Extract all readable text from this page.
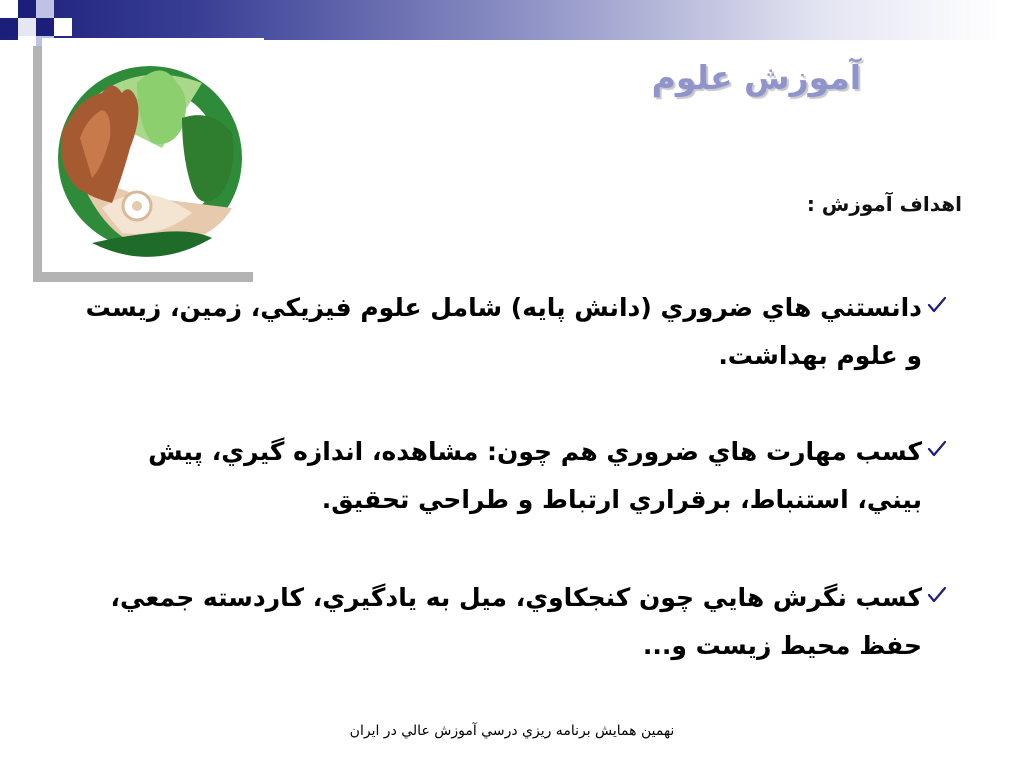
آموزش علوم
اهداف آموزش :
دانستني هاي ضروري (دانش پايه) شامل علوم فيزيكي، زمين، زيست و علوم بهداشت.
كسب مهارت هاي ضروري هم چون: مشاهده، اندازه گيري، پيش بيني، استنباط، برقراري ارتباط و طراحي تحقيق.
كسب نگرش هايي چون كنجكاوي، ميل به يادگيري، كاردسته جمعي، حفظ محيط زيست و...
نهمين همايش برنامه ريزي درسي آموزش عالي در ايران
